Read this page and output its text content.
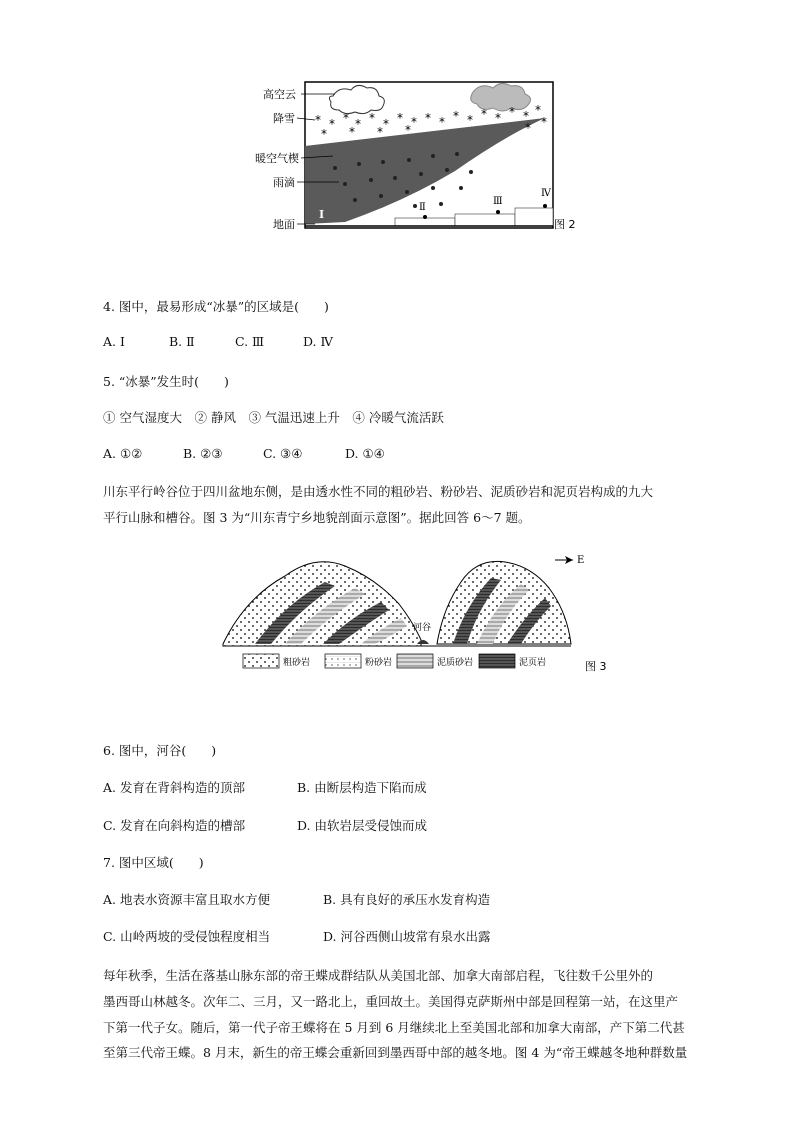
* * * * * * * * * * * * * * * * *
*
*
* * * *
高空云
降雪
暖空气楔
雨滴
地面
Ⅰ
Ⅱ
Ⅲ
Ⅳ
图 2
4. 图中，最易形成“冰暴”的区域是(　　)
A. Ⅰ	B. Ⅱ	C. Ⅲ	D. Ⅳ
5. “冰暴”发生时(　　)
① 空气湿度大　② 静风　③ 气温迅速上升　④ 冷暖气流活跃
A. ①②	B. ②③	C. ③④	D. ①④
川东平行岭谷位于四川盆地东侧，是由透水性不同的粗砂岩、粉砂岩、泥质砂岩和泥页岩构成的九大
平行山脉和槽谷。图 3 为“川东青宁乡地貌剖面示意图”。据此回答 6～7 题。
河谷
E
粗砂岩	粉砂岩	泥质砂岩	泥页岩	图 3
6. 图中，河谷(　　)
A. 发育在背斜构造的顶部	B. 由断层构造下陷而成
C. 发育在向斜构造的槽部	D. 由软岩层受侵蚀而成
7. 图中区域(　　)
A. 地表水资源丰富且取水方便	B. 具有良好的承压水发育构造
C. 山岭两坡的受侵蚀程度相当	D. 河谷西侧山坡常有泉水出露
每年秋季，生活在落基山脉东部的帝王蝶成群结队从美国北部、加拿大南部启程，飞往数千公里外的
墨西哥山林越冬。次年二、三月，又一路北上，重回故土。美国得克萨斯州中部是回程第一站，在这里产
下第一代子女。随后，第一代子帝王蝶将在 5 月到 6 月继续北上至美国北部和加拿大南部，产下第二代甚
至第三代帝王蝶。8 月末，新生的帝王蝶会重新回到墨西哥中部的越冬地。图 4 为“帝王蝶越冬地种群数量
